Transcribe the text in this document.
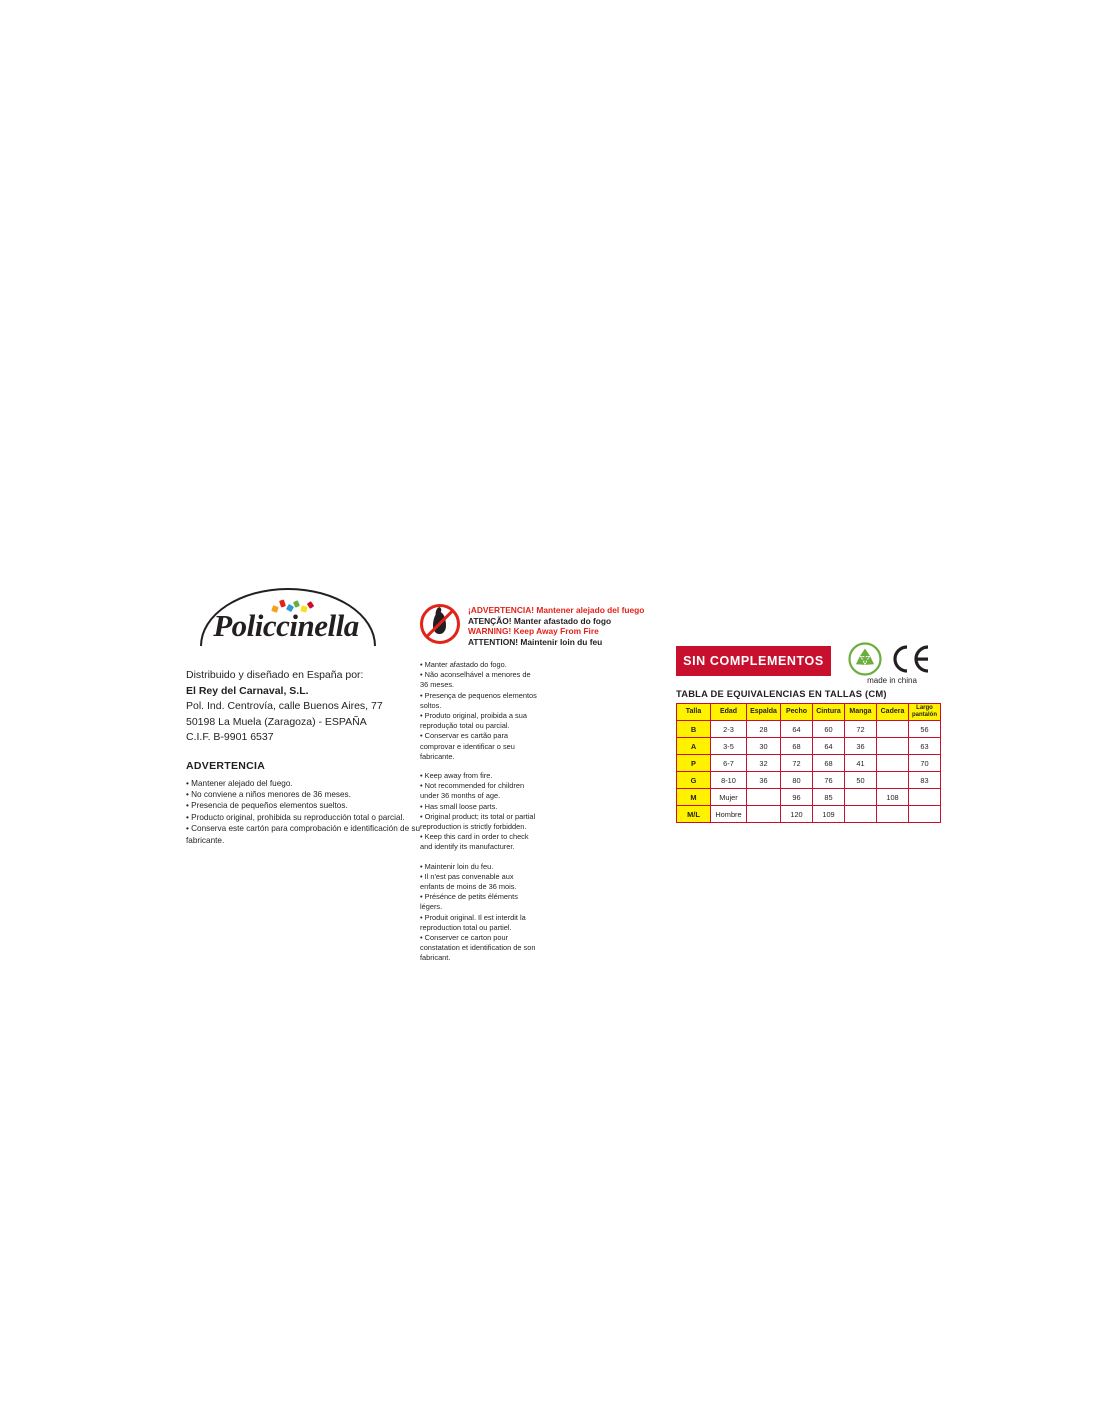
Policcinella
Distribuido y diseñado en España por:
El Rey del Carnaval, S.L.
Pol. Ind. Centrovía, calle Buenos Aires, 77
50198 La Muela (Zaragoza) - ESPAÑA
C.I.F. B-9901 6537
ADVERTENCIA
• Mantener alejado del fuego.
• No conviene a niños menores de 36 meses.
• Presencia de pequeños elementos sueltos.
• Producto original, prohibida su reproducción total o parcial.
• Conserva este cartón para comprobación e identificación de su fabricante.
¡ADVERTENCIA! Mantener alejado del fuego
ATENÇÃO! Manter afastado do fogo
WARNING! Keep Away From Fire
ATTENTION! Maintenir loin du feu
• Manter afastado do fogo.
• Não aconselhável a menores de 36 meses.
• Presença de pequenos elementos soltos.
• Produto original, proibida a sua reprodução total ou parcial.
• Conservar es cartão para comprovar e identificar o seu fabricante.
• Keep away from fire.
• Not recommended for children under 36 months of age.
• Has small loose parts.
• Original product; its total or partial reproduction is strictly forbidden.
• Keep this card in order to check and identify its manufacturer.
• Maintenir loin du feu.
• Il n'est pas convenable aux enfants de moins de 36 mois.
• Présénce de petits éléments légers.
• Produit original. Il est interdit la reproduction total ou partiel.
• Conserver ce carton pour constatation et identification de son fabricant.
SIN COMPLEMENTOS
made in china
TABLA DE EQUIVALENCIAS EN TALLAS (CM)
Talla	Edad	Espalda	Pecho	Cintura	Manga	Cadera	Largo pantalón
B	2-3	28	64	60	72		56
A	3-5	30	68	64	36		63
P	6-7	32	72	68	41		70
G	8-10	36	80	76	50		83
M	Mujer		96	85		108	
M/L	Hombre		120	109			
